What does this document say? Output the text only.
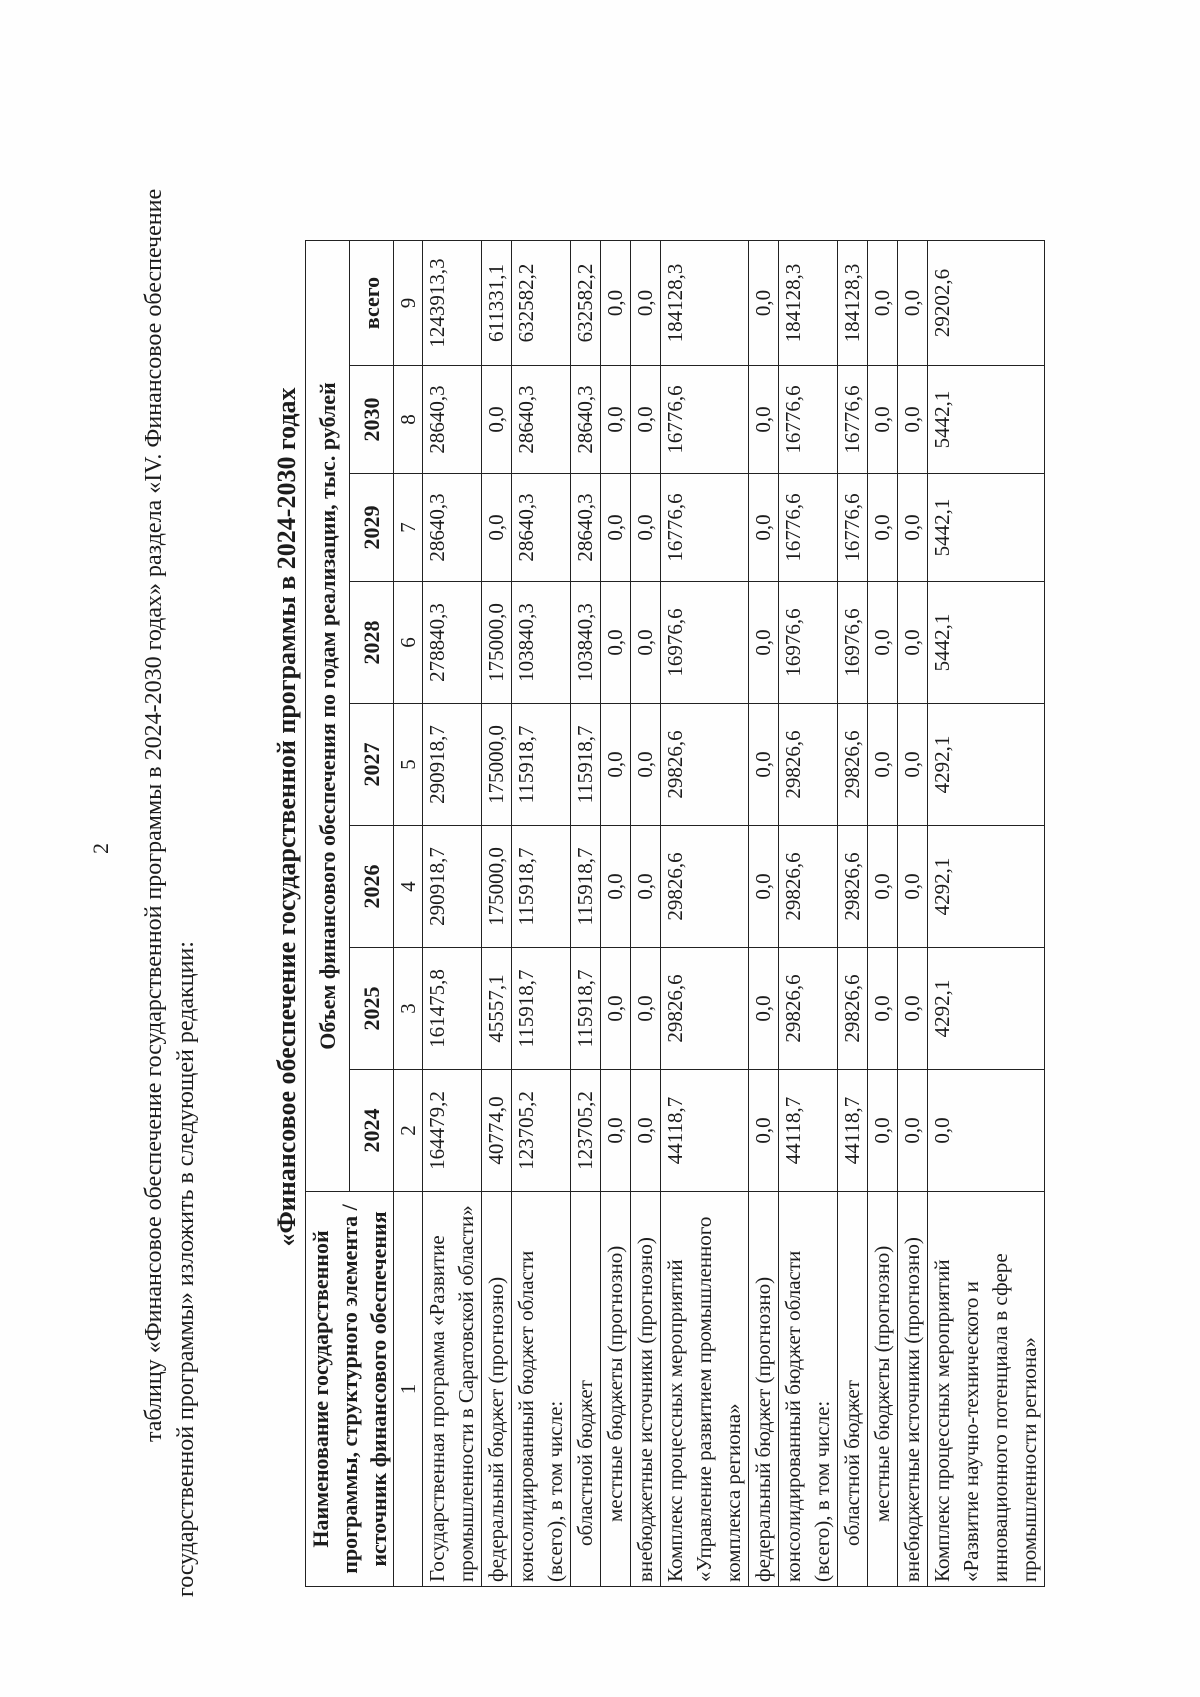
2 таблицу «Финансовое обеспечение государственной программы в 2024-2030 годах» раздела «IV. Финансовое обеспечение государственной программы» изложить в следующей редакции:
«Финансовое обеспечение государственной программы в 2024-2030 годах
Наименование государственной программы, структурного элемента / источник финансового обеспечения	Объем финансового обеспечения по годам реализации, тыс. рублей							
	2024	2025	2026	2027	2028	2029	2030	всего
1	2	3	4	5	6	7	8	9
Государственная программа «Развитие промышленности в Саратовской области»	164479,2	161475,8	290918,7	290918,7	278840,3	28640,3	28640,3	1243913,3
федеральный бюджет (прогнозно)	40774,0	45557,1	175000,0	175000,0	175000,0	0,0	0,0	611331,1
консолидированный бюджет области (всего), в том числе:	123705,2	115918,7	115918,7	115918,7	103840,3	28640,3	28640,3	632582,2
областной бюджет	123705,2	115918,7	115918,7	115918,7	103840,3	28640,3	28640,3	632582,2
местные бюджеты (прогнозно)	0,0	0,0	0,0	0,0	0,0	0,0	0,0	0,0
внебюджетные источники (прогнозно)	0,0	0,0	0,0	0,0	0,0	0,0	0,0	0,0
Комплекс процессных мероприятий «Управление развитием промышленного комплекса региона»	44118,7	29826,6	29826,6	29826,6	16976,6	16776,6	16776,6	184128,3
федеральный бюджет (прогнозно)	0,0	0,0	0,0	0,0	0,0	0,0	0,0	0,0
консолидированный бюджет области (всего), в том числе:	44118,7	29826,6	29826,6	29826,6	16976,6	16776,6	16776,6	184128,3
областной бюджет	44118,7	29826,6	29826,6	29826,6	16976,6	16776,6	16776,6	184128,3
местные бюджеты (прогнозно)	0,0	0,0	0,0	0,0	0,0	0,0	0,0	0,0
внебюджетные источники (прогнозно)	0,0	0,0	0,0	0,0	0,0	0,0	0,0	0,0
Комплекс процессных мероприятий «Развитие научно-технического и инновационного потенциала в сфере промышленности региона»	0,0	4292,1	4292,1	4292,1	5442,1	5442,1	5442,1	29202,6
